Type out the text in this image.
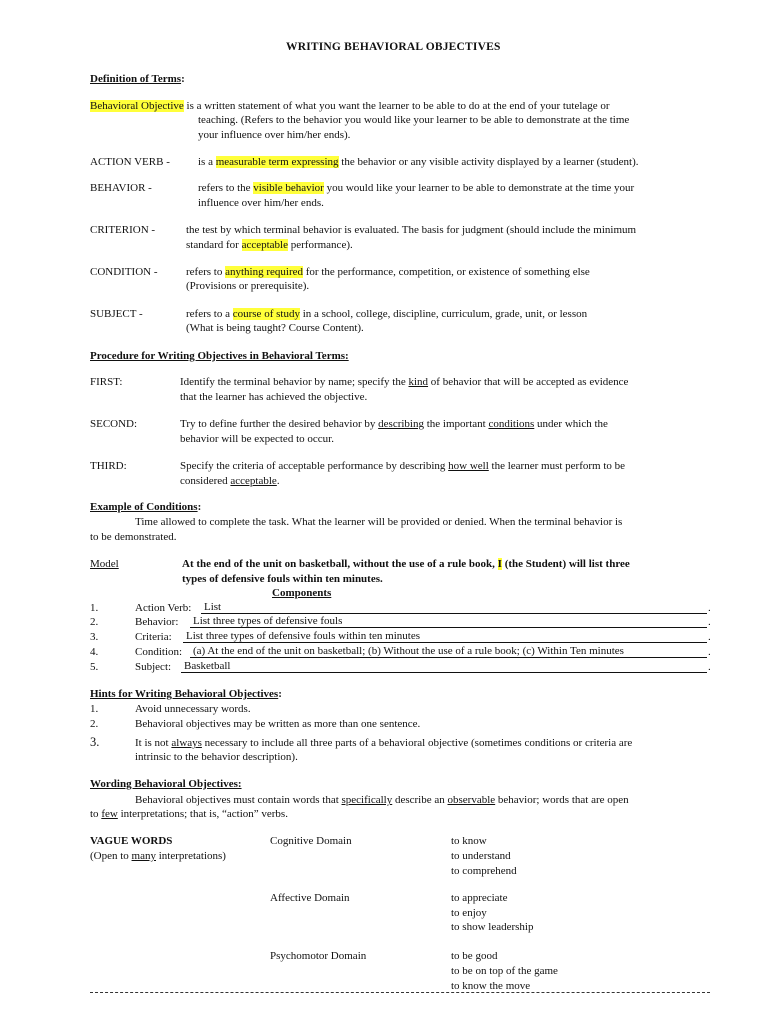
WRITING BEHAVIORAL OBJECTIVES
Definition of Terms:
Behavioral Objective is a written statement of what you want the learner to be able to do at the end of your tutelage or
teaching. (Refers to the behavior you would like your learner to be able to demonstrate at the time
your influence over him/her ends).
ACTION VERB -	is a measurable term expressing the behavior or any visible activity displayed by a learner (student).
BEHAVIOR -	refers to the visible behavior you would like your learner to be able to demonstrate at the time your
influence over him/her ends.
CRITERION -	the test by which terminal behavior is evaluated. The basis for judgment (should include the minimum
standard for acceptable performance).
CONDITION -	refers to anything required for the performance, competition, or existence of something else
(Provisions or prerequisite).
SUBJECT -	refers to a course of study in a school, college, discipline, curriculum, grade, unit, or lesson
(What is being taught? Course Content).
Procedure for Writing Objectives in Behavioral Terms:
FIRST:	Identify the terminal behavior by name; specify the kind of behavior that will be accepted as evidence
that the learner has achieved the objective.
SECOND:	Try to define further the desired behavior by describing the important conditions under which the
behavior will be expected to occur.
THIRD:	Specify the criteria of acceptable performance by describing how well the learner must perform to be
considered acceptable.
Example of Conditions:
Time allowed to complete the task. What the learner will be provided or denied. When the terminal behavior is
to be demonstrated.
Model	At the end of the unit on basketball, without the use of a rule book, I (the Student) will list three
types of defensive fouls within ten minutes.
Components
1.	Action Verb: List	.
2.	Behavior: List three types of defensive fouls	.
3.	Criteria: List three types of defensive fouls within ten minutes	.
4.	Condition: (a) At the end of the unit on basketball; (b) Without the use of a rule book; (c) Within Ten minutes	.
5.	Subject: Basketball	.
Hints for Writing Behavioral Objectives:
1.	Avoid unnecessary words.
2.	Behavioral objectives may be written as more than one sentence.
3.	It is not always necessary to include all three parts of a behavioral objective (sometimes conditions or criteria are
intrinsic to the behavior description).
Wording Behavioral Objectives:
Behavioral objectives must contain words that specifically describe an observable behavior; words that are open
to few interpretations; that is, “action” verbs.
VAGUE WORDS
(Open to many interpretations)
Cognitive Domain	to know
to understand
to comprehend
Affective Domain	to appreciate
to enjoy
to show leadership
Psychomotor Domain	to be good
to be on top of the game
to know the move
